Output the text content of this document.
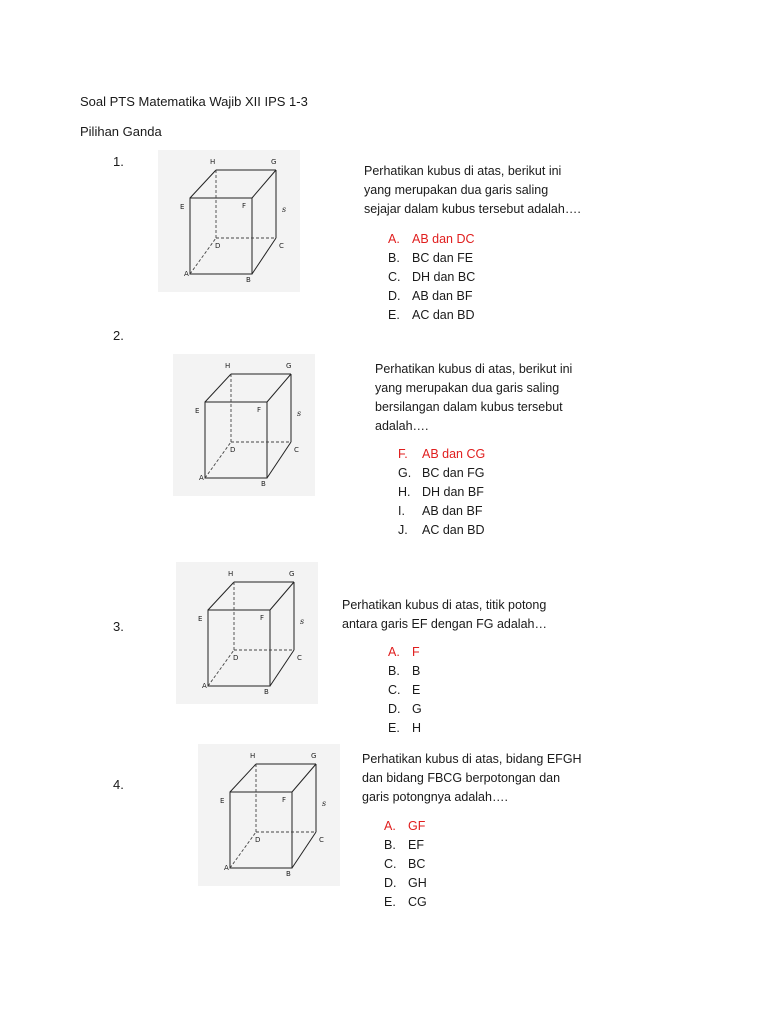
Soal PTS Matematika Wajib XII IPS 1-3
Pilihan Ganda
1.	H	G
E	F	s
D	C
A
B
Perhatikan kubus di atas, berikut ini
yang merupakan dua garis saling
sejajar dalam kubus tersebut adalah….
A. AB dan DC
B. BC dan FE
C. DH dan BC
D. AB dan BF
E. AC dan BD
2.
H	G
E	F	s
D	C
A
B
Perhatikan kubus di atas, berikut ini
yang merupakan dua garis saling
bersilangan dalam kubus tersebut
adalah….
F. AB dan CG
G. BC dan FG
H. DH dan BF
I. AB dan BF
J. AC dan BD
3.
H	G
E	F	s
D	C
A
B
Perhatikan kubus di atas, titik potong
antara garis EF dengan FG adalah…
A. F
B. B
C. E
D. G
E. H
4.
H	G
E	F	s
D	C
A
B
Perhatikan kubus di atas, bidang EFGH
dan bidang FBCG berpotongan dan
garis potongnya adalah….
A. GF
B. EF
C. BC
D. GH
E. CG
